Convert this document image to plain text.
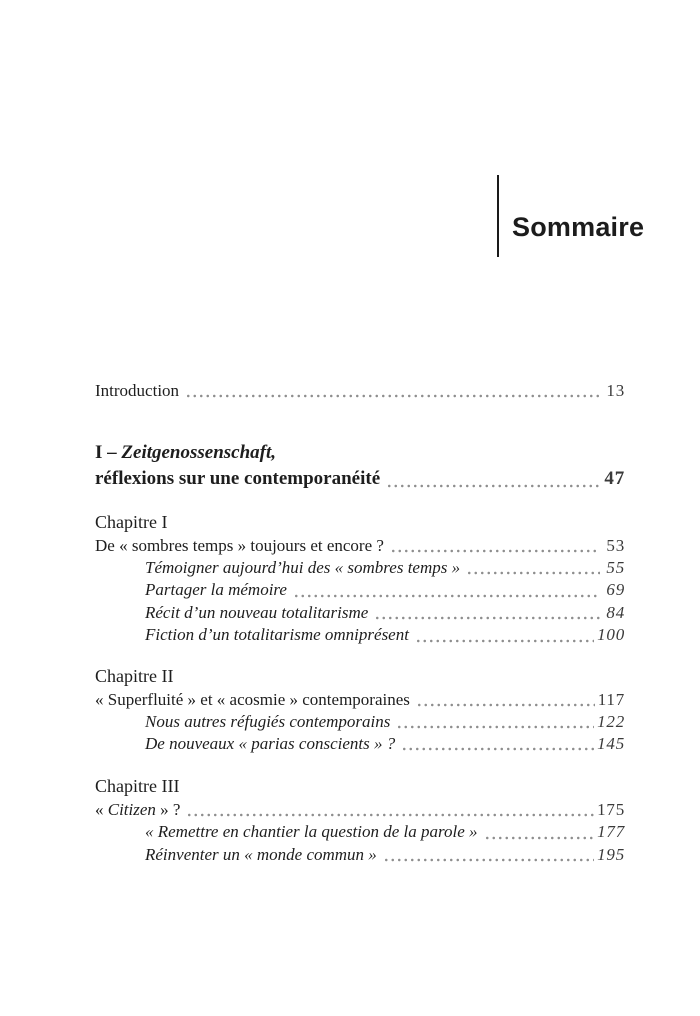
Sommaire
Introduction	13
I – Zeitgenossenschaft,
réflexions sur une contemporanéité	47
Chapitre I
De « sombres temps » toujours et encore ?	53
Témoigner aujourd’hui des « sombres temps »	55
Partager la mémoire	69
Récit d’un nouveau totalitarisme	84
Fiction d’un totalitarisme omniprésent	100
Chapitre II
« Superfluité » et « acosmie » contemporaines	117
Nous autres réfugiés contemporains	122
De nouveaux « parias conscients » ?	145
Chapitre III
« Citizen » ?	175
« Remettre en chantier la question de la parole »	177
Réinventer un « monde commun »	195
